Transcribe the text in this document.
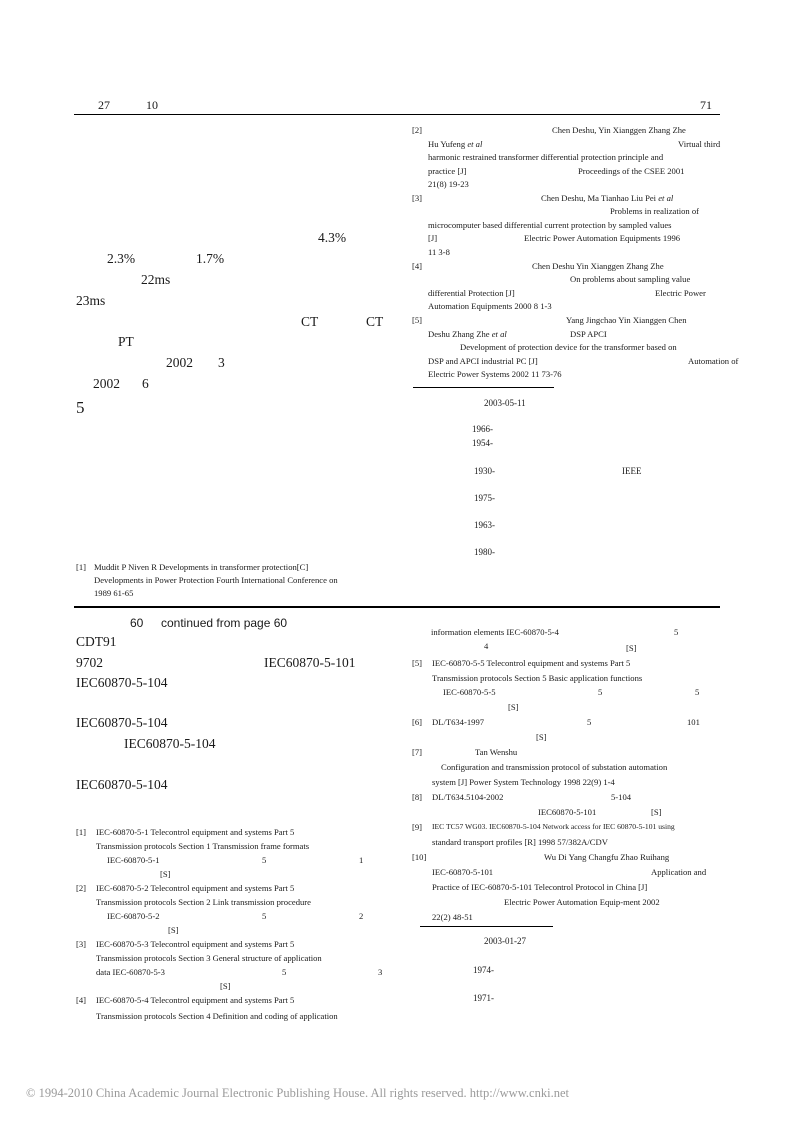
27	10	71
4.3%
2.3%	1.7%
22ms
23ms
CT	CT
PT
2002 3
2002 6
5
[1] Muddit P Niven R Developments in transformer protection[C]
Developments in Power Protection Fourth International Conference on
1989 61-65
[2]	Chen Deshu, Yin Xianggen Zhang Zhe
Hu Yufeng et al	Virtual third
harmonic restrained transformer differential protection principle and
practice [J]	Proceedings of the CSEE 2001
21(8) 19-23
[3]	Chen Deshu, Ma Tianhao Liu Pei et al
Problems in realization of
microcomputer based differential current protection by sampled values
[J]	Electric Power Automation Equipments 1996
11 3-8
[4]	Chen Deshu Yin Xianggen Zhang Zhe
On problems about sampling value
differential Protection [J]	Electric Power
Automation Equipments 2000 8 1-3
[5]	Yang Jingchao Yin Xianggen Chen
Deshu Zhang Zhe et al	DSP APCI
Development of protection device for the transformer based on
DSP and APCI industrial PC [J]	Automation of
Electric Power Systems 2002 11 73-76
2003-05-11
1966-
1954-
1930-	IEEE
1975-
1963-
1980-
60 continued from page 60
CDT91
9702	IEC60870-5-101
IEC60870-5-104
IEC60870-5-104
IEC60870-5-104
IEC60870-5-104
[1] IEC-60870-5-1 Telecontrol equipment and systems Part 5
Transmission protocols Section 1 Transmission frame formats
IEC-60870-5-1	5	1
[S]
[2] IEC-60870-5-2 Telecontrol equipment and systems Part 5
Transmission protocols Section 2 Link transmission procedure
IEC-60870-5-2	5	2
[S]
[3] IEC-60870-5-3 Telecontrol equipment and systems Part 5
Transmission protocols Section 3 General structure of application
data IEC-60870-5-3	5	3
[S]
[4] IEC-60870-5-4 Telecontrol equipment and systems Part 5
Transmission protocols Section 4 Definition and coding of application
information elements IEC-60870-5-4	5
4	[S]
[5] IEC-60870-5-5 Telecontrol equipment and systems Part 5
Transmission protocols Section 5 Basic application functions
IEC-60870-5-5	5	5
[S]
[6] DL/T634-1997	5	101
[S]
[7]	Tan Wenshu
Configuration and transmission protocol of substation automation
system [J] Power System Technology 1998 22(9) 1-4
[8] DL/T634.5104-2002	5-104
IEC60870-5-101	[S]
[9] IEC TC57 WG03. IEC60870-5-104 Network access for IEC 60870-5-101 using
standard transport profiles [R] 1998 57/382A/CDV
[10]	Wu Di Yang Changfu Zhao Ruihang
IEC-60870-5-101	Application and
Practice of IEC-60870-5-101 Telecontrol Protocol in China [J]
Electric Power Automation Equip-ment 2002
22(2) 48-51
2003-01-27
1974-
1971-
© 1994-2010 China Academic Journal Electronic Publishing House. All rights reserved. http://www.cnki.net
